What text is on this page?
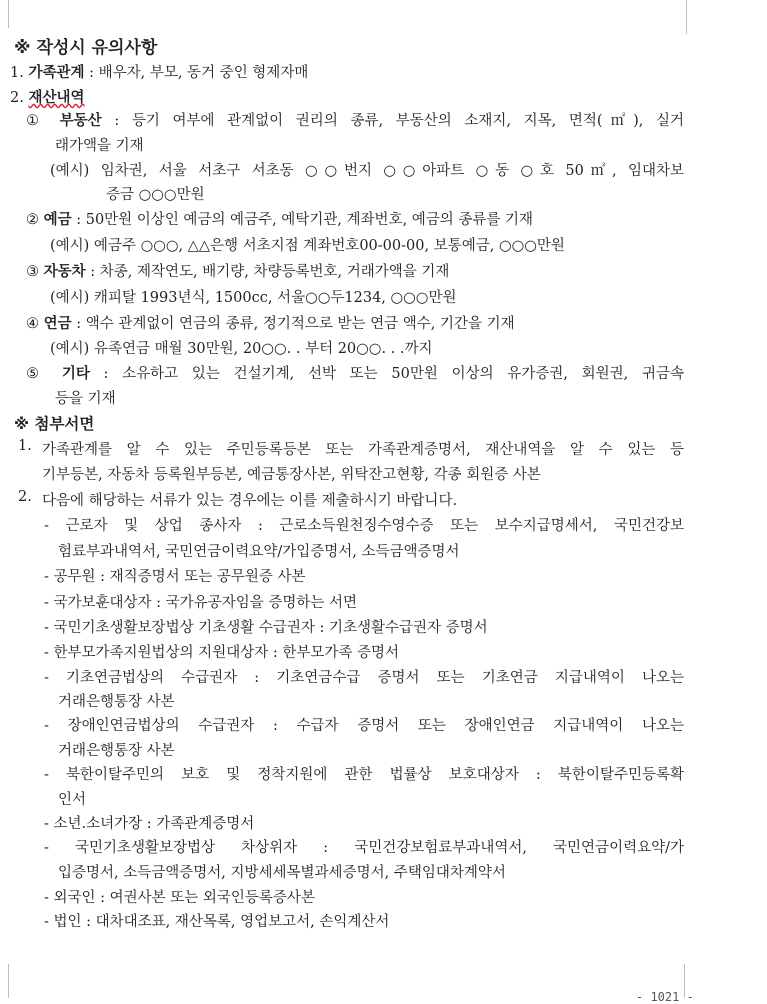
※ 작성시 유의사항
1. 가족관계 : 배우자, 부모, 동거 중인 형제자매
2. 재산내역
① 부동산 : 등기 여부에 관계없이 권리의 종류, 부동산의 소재지, 지목, 면적(㎡), 실거
래가액을 기재
(예시) 임차권, 서울 서초구 서초동 ○○번지 ○○아파트 ○동 ○호 50㎡, 임대차보
증금 ○○○만원
② 예금 : 50만원 이상인 예금의 예금주, 예탁기관, 계좌번호, 예금의 종류를 기재
(예시) 예금주 ○○○, △△은행 서초지점 계좌번호00-00-00, 보통예금, ○○○만원
③ 자동차 : 차종, 제작연도, 배기량, 차량등록번호, 거래가액을 기재
(예시) 캐피탈 1993년식, 1500cc, 서울○○두1234, ○○○만원
④ 연금 : 액수 관계없이 연금의 종류, 정기적으로 받는 연금 액수, 기간을 기재
(예시) 유족연금 매월 30만원, 20○○. . 부터 20○○. . .까지
⑤ 기타 : 소유하고 있는 건설기계, 선박 또는 50만원 이상의 유가증권, 회원권, 귀금속
등을 기재
※ 첨부서면
1. 가족관계를 알 수 있는 주민등록등본 또는 가족관계증명서, 재산내역을 알 수 있는 등
기부등본, 자동차 등록원부등본, 예금통장사본, 위탁잔고현황, 각종 회원증 사본
2. 다음에 해당하는 서류가 있는 경우에는 이를 제출하시기 바랍니다.
- 근로자 및 상업 종사자 : 근로소득원천징수영수증 또는 보수지급명세서, 국민건강보
험료부과내역서, 국민연금이력요약/가입증명서, 소득금액증명서
- 공무원 : 재직증명서 또는 공무원증 사본
- 국가보훈대상자 : 국가유공자임을 증명하는 서면
- 국민기초생활보장법상 기초생활 수급권자 : 기초생활수급권자 증명서
- 한부모가족지원법상의 지원대상자 : 한부모가족 증명서
- 기초연금법상의 수급권자 : 기초연금수급 증명서 또는 기초연금 지급내역이 나오는
거래은행통장 사본
- 장애인연금법상의 수급권자 : 수급자 증명서 또는 장애인연금 지급내역이 나오는
거래은행통장 사본
- 북한이탈주민의 보호 및 정착지원에 관한 법률상 보호대상자 : 북한이탈주민등록확
인서
- 소년.소녀가장 : 가족관계증명서
- 국민기초생활보장법상 차상위자 : 국민건강보험료부과내역서, 국민연금이력요약/가
입증명서, 소득금액증명서, 지방세세목별과세증명서, 주택임대차계약서
- 외국인 : 여권사본 또는 외국인등록증사본
- 법인 : 대차대조표, 재산목록, 영업보고서, 손익계산서
- 1021 -
